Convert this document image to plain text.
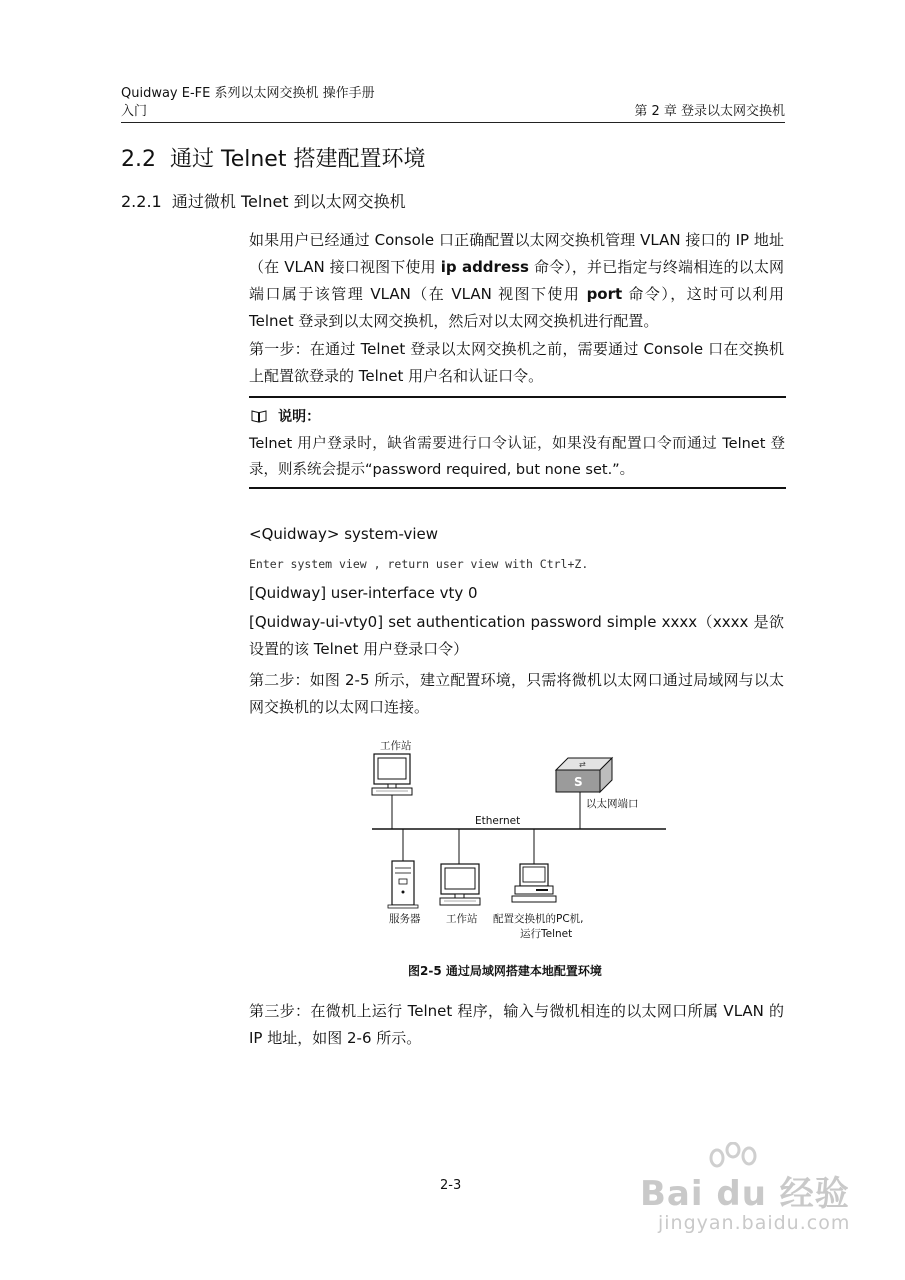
Quidway E-FE 系列以太网交换机 操作手册
入门	第 2 章 登录以太网交换机
2.2 通过 Telnet 搭建配置环境
2.2.1 通过微机 Telnet 到以太网交换机

如果用户已经通过 Console 口正确配置以太网交换机管理 VLAN 接口的 IP 地址（在 VLAN 接口视图下使用 ip address 命令），并已指定与终端相连的以太网端口属于该管理 VLAN（在 VLAN 视图下使用 port 命令），这时可以利用 Telnet 登录到以太网交换机，然后对以太网交换机进行配置。

第一步：在通过 Telnet 登录以太网交换机之前，需要通过 Console 口在交换机上配置欲登录的 Telnet 用户名和认证口令。

说明：

Telnet 用户登录时，缺省需要进行口令认证，如果没有配置口令而通过 Telnet 登录，则系统会提示“password required, but none set.”。

<Quidway> system-view
Enter system view , return user view with Ctrl+Z.
[Quidway] user-interface vty 0

[Quidway-ui-vty0] set authentication password simple xxxx（xxxx 是欲设置的该 Telnet 用户登录口令）

第二步：如图 2-5 所示，建立配置环境，只需将微机以太网口通过局域网与以太网交换机的以太网口连接。

S
⇄
工作站
以太网端口
Ethernet
服务器 工作站 配置交换机的PC机,
运行Telnet
图2-5 通过局域网搭建本地配置环境

第三步：在微机上运行 Telnet 程序，输入与微机相连的以太网口所属 VLAN 的 IP 地址，如图 2-6 所示。

2-3	Bai du 经验
jingyan.baidu.com
